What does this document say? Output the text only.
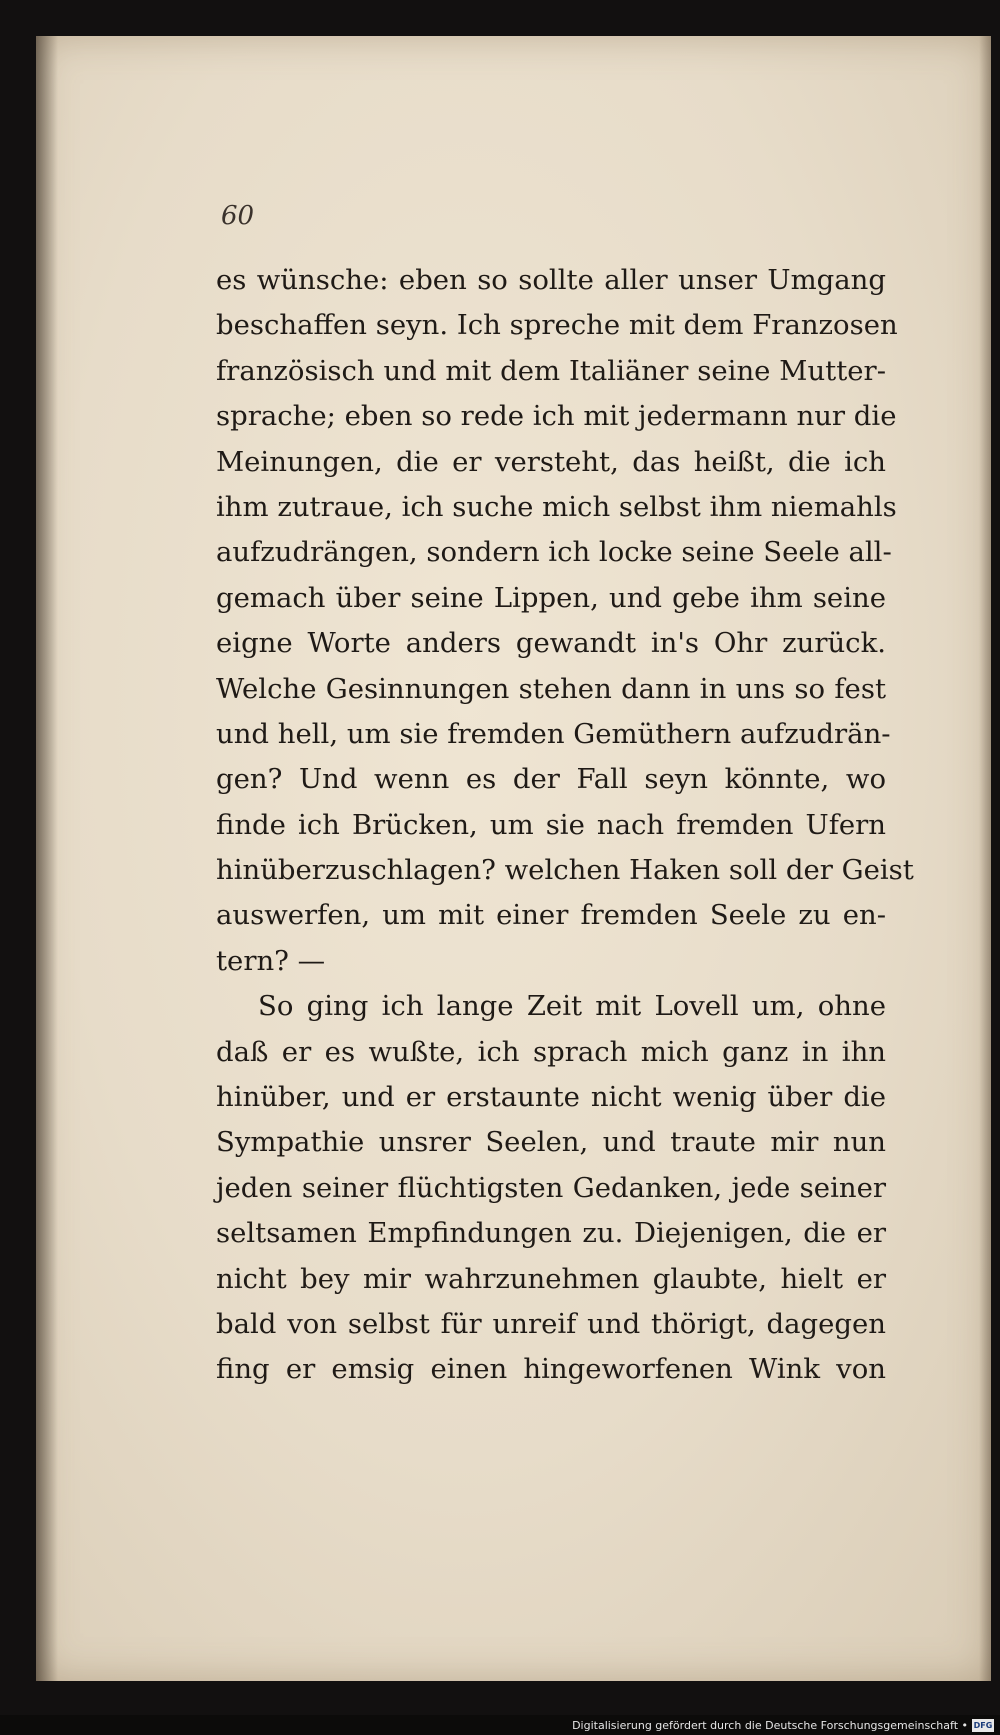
60
es wünsche: eben so sollte aller unser Umgang
beschaffen seyn. Ich spreche mit dem Franzosen
französisch und mit dem Italiäner seine Mutter-
sprache; eben so rede ich mit jedermann nur die
Meinungen, die er versteht, das heißt, die ich
ihm zutraue, ich suche mich selbst ihm niemahls
aufzudrängen, sondern ich locke seine Seele all-
gemach über seine Lippen, und gebe ihm seine
eigne Worte anders gewandt in's Ohr zurück.
Welche Gesinnungen stehen dann in uns so fest
und hell, um sie fremden Gemüthern aufzudrän-
gen? Und wenn es der Fall seyn könnte, wo
finde ich Brücken, um sie nach fremden Ufern
hinüberzuschlagen? welchen Haken soll der Geist
auswerfen, um mit einer fremden Seele zu en-
tern? —
So ging ich lange Zeit mit Lovell um, ohne
daß er es wußte, ich sprach mich ganz in ihn
hinüber, und er erstaunte nicht wenig über die
Sympathie unsrer Seelen, und traute mir nun
jeden seiner flüchtigsten Gedanken, jede seiner
seltsamen Empfindungen zu. Diejenigen, die er
nicht bey mir wahrzunehmen glaubte, hielt er
bald von selbst für unreif und thörigt, dagegen
fing er emsig einen hingeworfenen Wink von
Digitalisierung gefördert durch die Deutsche Forschungsgemeinschaft • DFG
